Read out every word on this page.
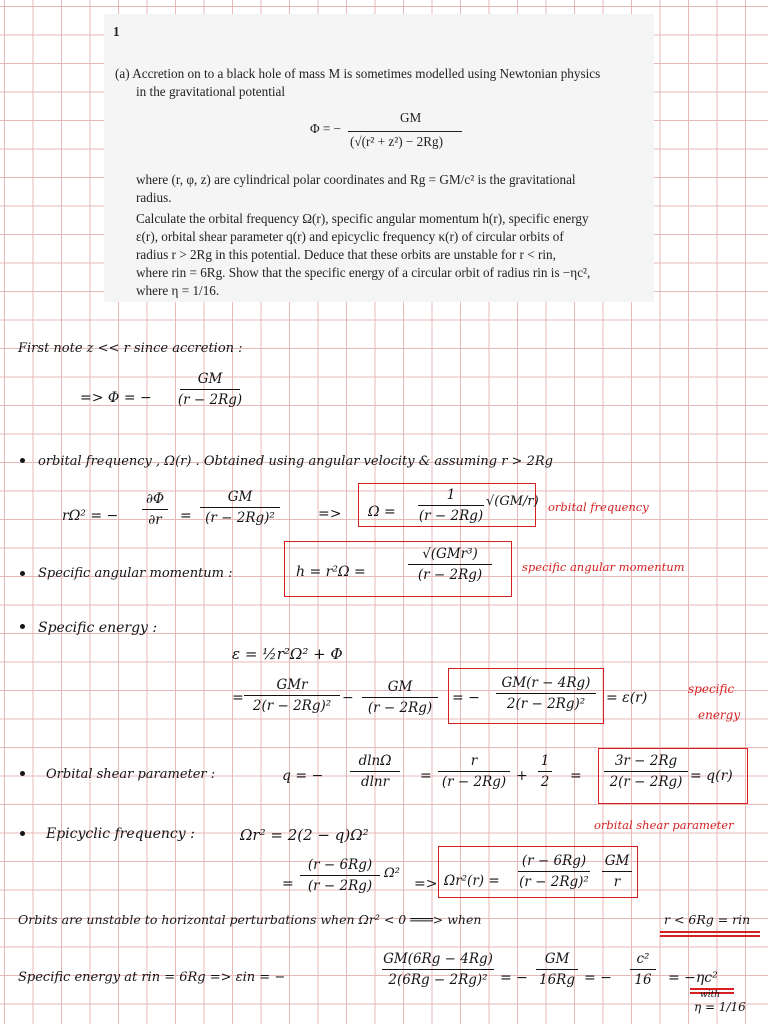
1
(a) Accretion on to a black hole of mass M is sometimes modelled using Newtonian physics
in the gravitational potential
Φ = −
GM
(√(r² + z²) − 2Rg)
where (r, φ, z) are cylindrical polar coordinates and Rg = GM/c² is the gravitational
radius.
Calculate the orbital frequency Ω(r), specific angular momentum h(r), specific energy
ε(r), orbital shear parameter q(r) and epicyclic frequency κ(r) of circular orbits of
radius r > 2Rg in this potential. Deduce that these orbits are unstable for r < rin,
where rin = 6Rg. Show that the specific energy of a circular orbit of radius rin is −ηc²,
where η = 1/16.
First note z << r since accretion :
=> Φ = −
GM
(r − 2Rg)
orbital frequency , Ω(r) . Obtained using angular velocity & assuming r > 2Rg
rΩ² = −
∂Φ
∂r =
GM
(r − 2Rg)²	=> Ω =
1
(r − 2Rg)
√(GM/r) orbital frequency
Specific angular momentum :	h = r²Ω =
√(GMr³)
(r − 2Rg)
specific angular momentum
Specific energy :
ε = ½r²Ω² + Φ
=
GMr
2(r − 2Rg)²
−
GM
(r − 2Rg)
= −
GM(r − 4Rg)
2(r − 2Rg)² = ε(r)
specific
energy
Orbital shear parameter :	q = −
dlnΩ
dlnr =
r
(r − 2Rg) +
1
2 =
3r − 2Rg
2(r − 2Rg) = q(r)
orbital shear parameter
Epicyclic frequency :	Ωr² = 2(2 − q)Ω²
=
(r − 6Rg)
(r − 2Rg)
Ω²
=> Ωr²(r) =
(r − 6Rg)
(r − 2Rg)²
GM
r
Orbits are unstable to horizontal perturbations when Ωr² < 0 ═══> when	r < 6Rg = rin
Specific energy at rin = 6Rg => εin = −
GM(6Rg − 4Rg)
2(6Rg − 2Rg)² = −
GM
16Rg = −
c²
16 = −ηc²
with
η = 1/16
